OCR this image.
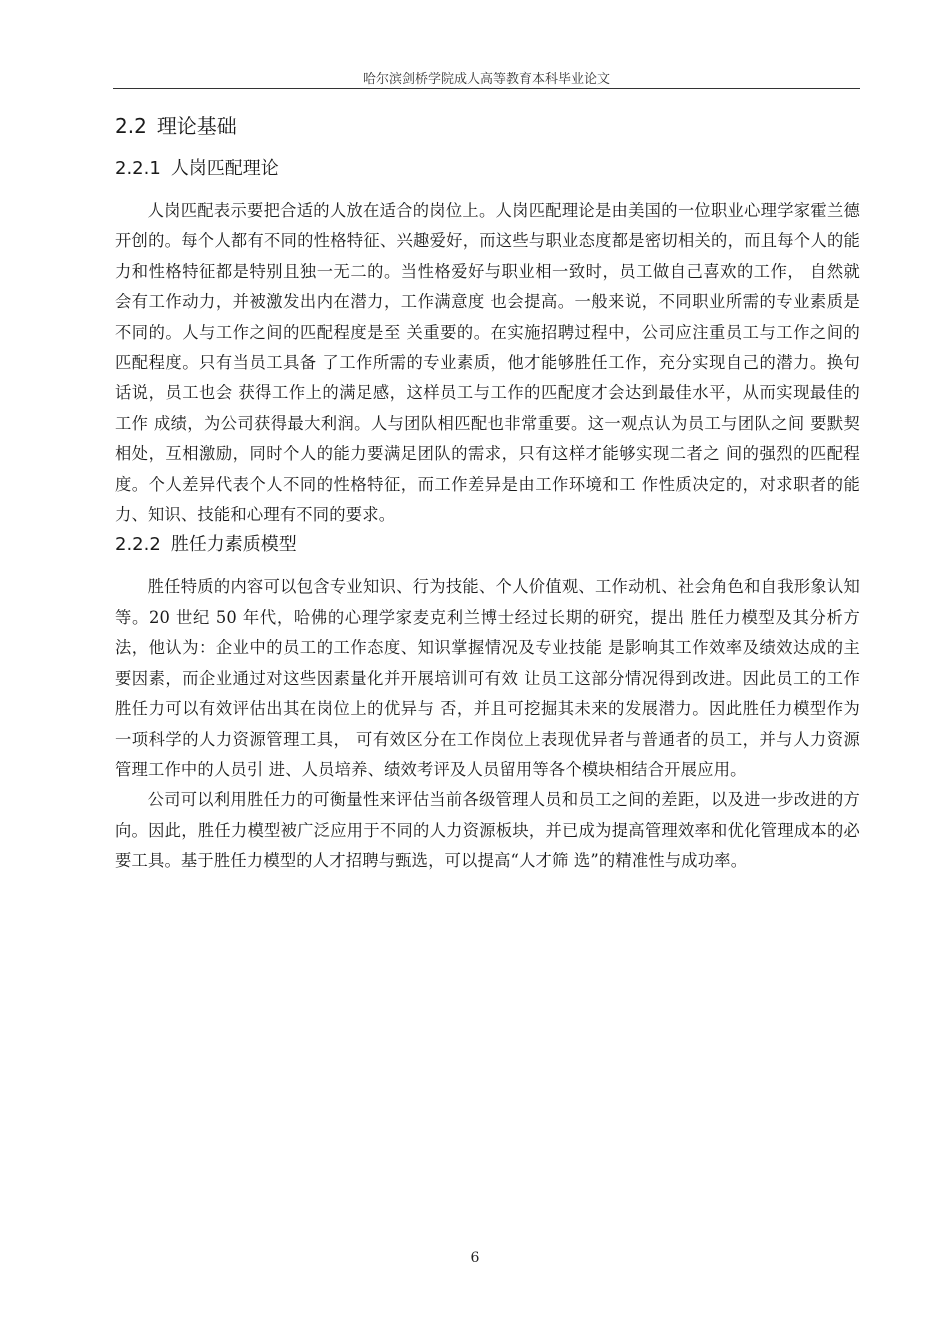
哈尔滨剑桥学院成人高等教育本科毕业论文
2.2 理论基础
2.2.1 人岗匹配理论

人岗匹配表示要把合适的人放在适合的岗位上。人岗匹配理论是由美国的一位职业心理学家霍兰德开创的。每个人都有不同的性格特征、兴趣爱好，而这些与职业态度都是密切相关的，而且每个人的能力和性格特征都是特别且独一无二的。当性格爱好与职业相一致时，员工做自己喜欢的工作， 自然就会有工作动力，并被激发出内在潜力，工作满意度 也会提高。一般来说，不同职业所需的专业素质是不同的。人与工作之间的匹配程度是至 关重要的。在实施招聘过程中，公司应注重员工与工作之间的匹配程度。只有当员工具备 了工作所需的专业素质，他才能够胜任工作，充分实现自己的潜力。换句话说，员工也会 获得工作上的满足感，这样员工与工作的匹配度才会达到最佳水平，从而实现最佳的工作 成绩，为公司获得最大利润。人与团队相匹配也非常重要。这一观点认为员工与团队之间 要默契相处，互相激励，同时个人的能力要满足团队的需求，只有这样才能够实现二者之 间的强烈的匹配程度。个人差异代表个人不同的性格特征，而工作差异是由工作环境和工 作性质决定的，对求职者的能力、知识、技能和心理有不同的要求。

2.2.2 胜任力素质模型

胜任特质的内容可以包含专业知识、行为技能、个人价值观、工作动机、社会角色和自我形象认知等。20 世纪 50 年代，哈佛的心理学家麦克利兰博士经过长期的研究，提出 胜任力模型及其分析方法，他认为：企业中的员工的工作态度、知识掌握情况及专业技能 是影响其工作效率及绩效达成的主要因素，而企业通过对这些因素量化并开展培训可有效 让员工这部分情况得到改进。因此员工的工作胜任力可以有效评估出其在岗位上的优异与 否，并且可挖掘其未来的发展潜力。因此胜任力模型作为一项科学的人力资源管理工具， 可有效区分在工作岗位上表现优异者与普通者的员工，并与人力资源管理工作中的人员引 进、人员培养、绩效考评及人员留用等各个模块相结合开展应用。

公司可以利用胜任力的可衡量性来评估当前各级管理人员和员工之间的差距，以及进一步改进的方向。因此，胜任力模型被广泛应用于不同的人力资源板块，并已成为提高管理效率和优化管理成本的必要工具。基于胜任力模型的人才招聘与甄选，可以提高“人才筛 选”的精准性与成功率。

6
